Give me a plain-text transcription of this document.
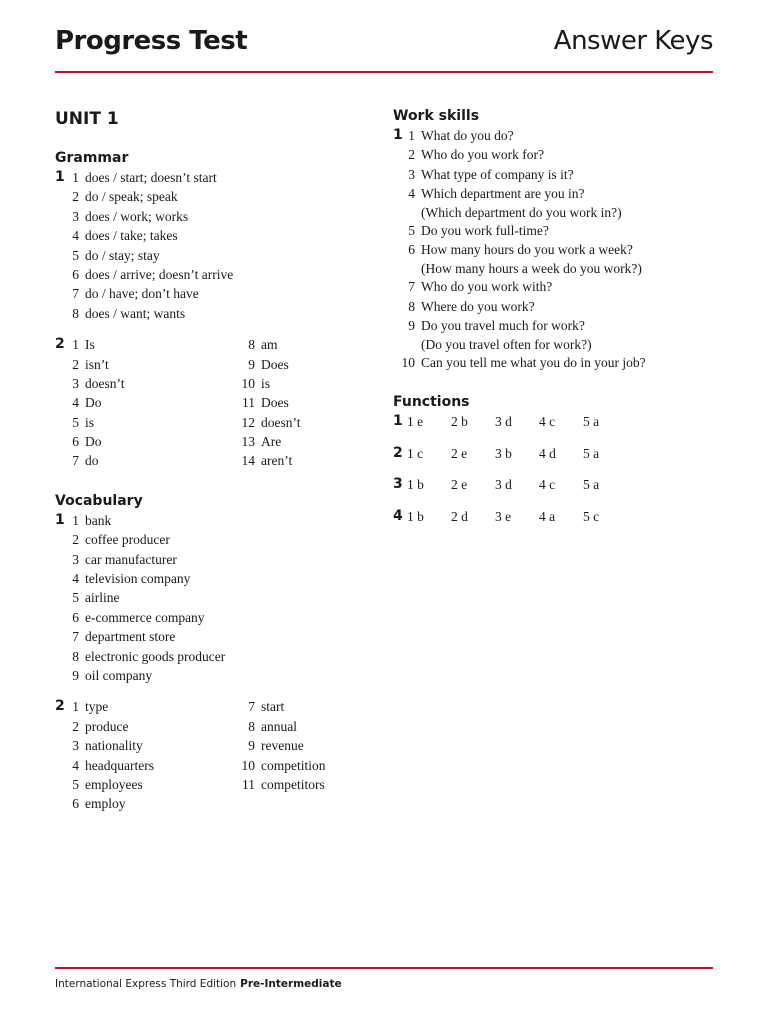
Progress Test	Answer Keys
UNIT 1
Grammar
1 1 does / start; doesn’t start
2 do / speak; speak
3 does / work; works
4 does / take; takes
5 do / stay; stay
6 does / arrive; doesn’t arrive
7 do / have; don’t have
8 does / want; wants
2 1 Is
2 isn’t
3 doesn’t
4 Do
5 is
6 Do
7 do
8 am
9 Does
10 is
11 Does
12 doesn’t
13 Are
14 aren’t
Vocabulary
1 1 bank
2 coffee producer
3 car manufacturer
4 television company
5 airline
6 e-commerce company
7 department store
8 electronic goods producer
9 oil company
2 1 type
2 produce
3 nationality
4 headquarters
5 employees
6 employ
7 start
8 annual
9 revenue
10 competition
11 competitors
Work skills
1 1 What do you do?
2 Who do you work for?
3 What type of company is it?
4 Which department are you in?
(Which department do you work in?)
5 Do you work full-time?
6 How many hours do you work a week?
(How many hours a week do you work?)
7 Who do you work with?
8 Where do you work?
9 Do you travel much for work?
(Do you travel often for work?)
10 Can you tell me what you do in your job?
Functions
1 1 e	2 b	3 d	4 c	5 a
2 1 c	2 e	3 b	4 d	5 a
3 1 b	2 e	3 d	4 c	5 a
4 1 b	2 d	3 e	4 a	5 c
International Express Third Edition Pre-Intermediate
